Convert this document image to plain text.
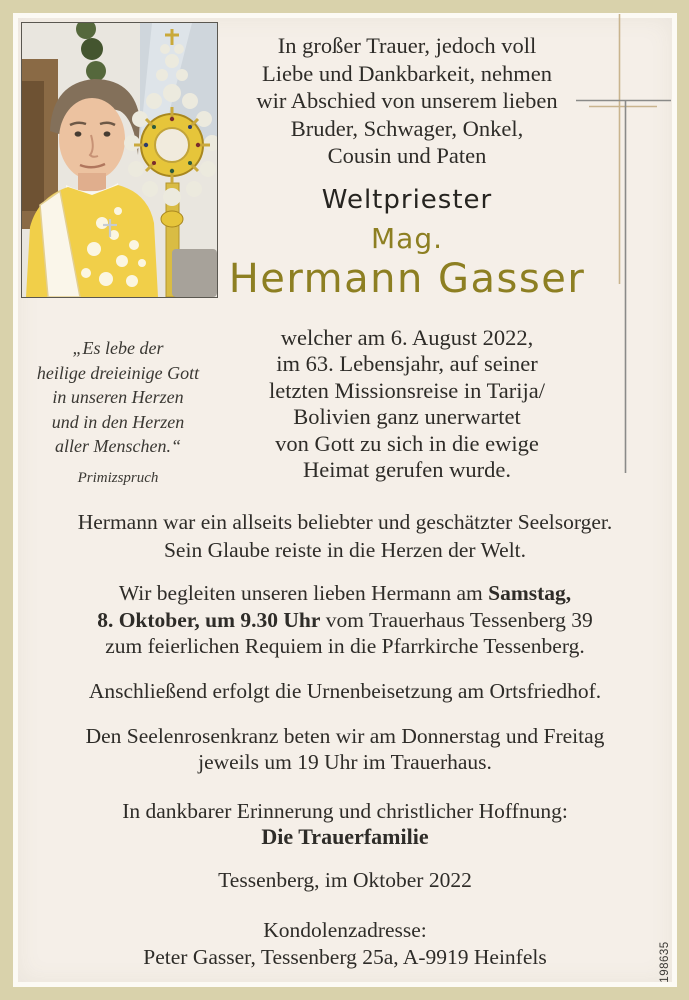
In großer Trauer, jedoch voll
Liebe und Dankbarkeit, nehmen
wir Abschied von unserem lieben
Bruder, Schwager, Onkel,
Cousin und Paten
Weltpriester
Mag.
Hermann Gasser
welcher am 6. August 2022,
im 63. Lebensjahr, auf seiner
letzten Missionsreise in Tarija/
Bolivien ganz unerwartet
von Gott zu sich in die ewige
Heimat gerufen wurde.
„Es lebe der
heilige dreieinige Gott
in unseren Herzen
und in den Herzen
aller Menschen.“
Primizspruch
Hermann war ein allseits beliebter und geschätzter Seelsorger.
Sein Glaube reiste in die Herzen der Welt.
Wir begleiten unseren lieben Hermann am Samstag,
8. Oktober, um 9.30 Uhr vom Trauerhaus Tessenberg 39
zum feierlichen Requiem in die Pfarrkirche Tessenberg.
Anschließend erfolgt die Urnenbeisetzung am Ortsfriedhof.
Den Seelenrosenkranz beten wir am Donnerstag und Freitag
jeweils um 19 Uhr im Trauerhaus.
In dankbarer Erinnerung und christlicher Hoffnung:
Die Trauerfamilie
Tessenberg, im Oktober 2022
Kondolenzadresse:
Peter Gasser, Tessenberg 25a, A-9919 Heinfels	198635
